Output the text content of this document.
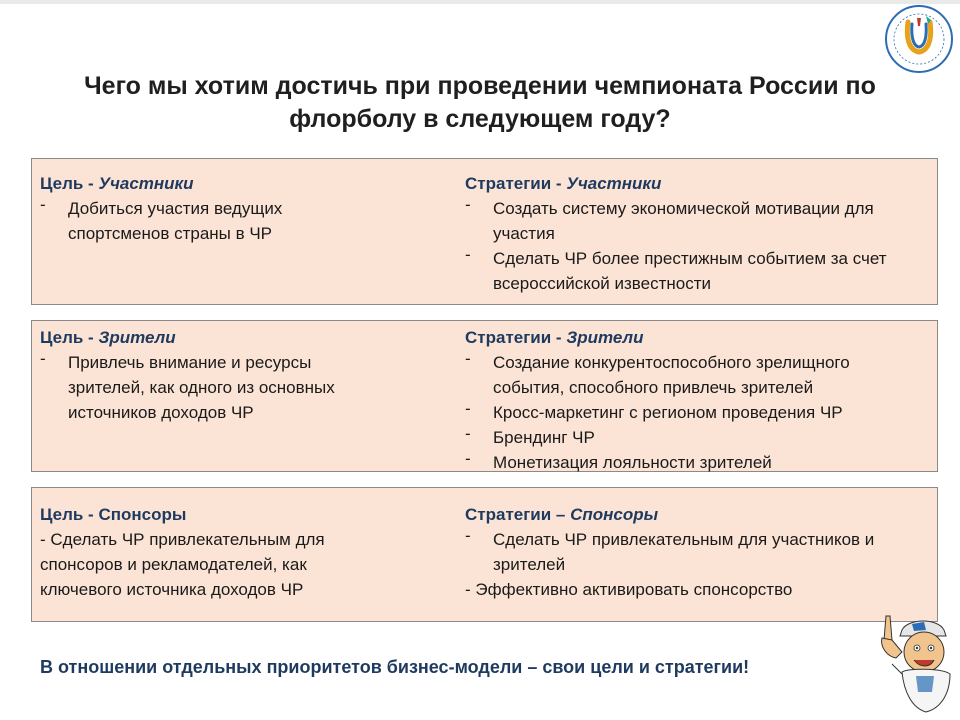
Чего мы хотим достичь при проведении чемпионата России по
флорболу в следующем году?

Цель - Участники

- Добиться участия ведущих
спортсменов страны в ЧР

Стратегии - Участники

- Создать систему экономической мотивации для
участия
- Сделать ЧР более престижным событием за счет
всероссийской известности

Цель - Зрители

- Привлечь внимание и ресурсы
зрителей, как одного из основных
источников доходов ЧР

Стратегии - Зрители

- Создание конкурентоспособного зрелищного
события, способного привлечь зрителей
- Кросс-маркетинг с регионом проведения ЧР
- Брендинг ЧР
- Монетизация лояльности зрителей

Цель - Спонсоры

- Сделать ЧР привлекательным для

спонсоров и рекламодателей, как

ключевого источника доходов ЧР

Стратегии – Спонсоры

- Сделать ЧР привлекательным для участников и
зрителей

- Эффективно активировать спонсорство

В отношении отдельных приоритетов бизнес-модели – свои цели и стратегии!
